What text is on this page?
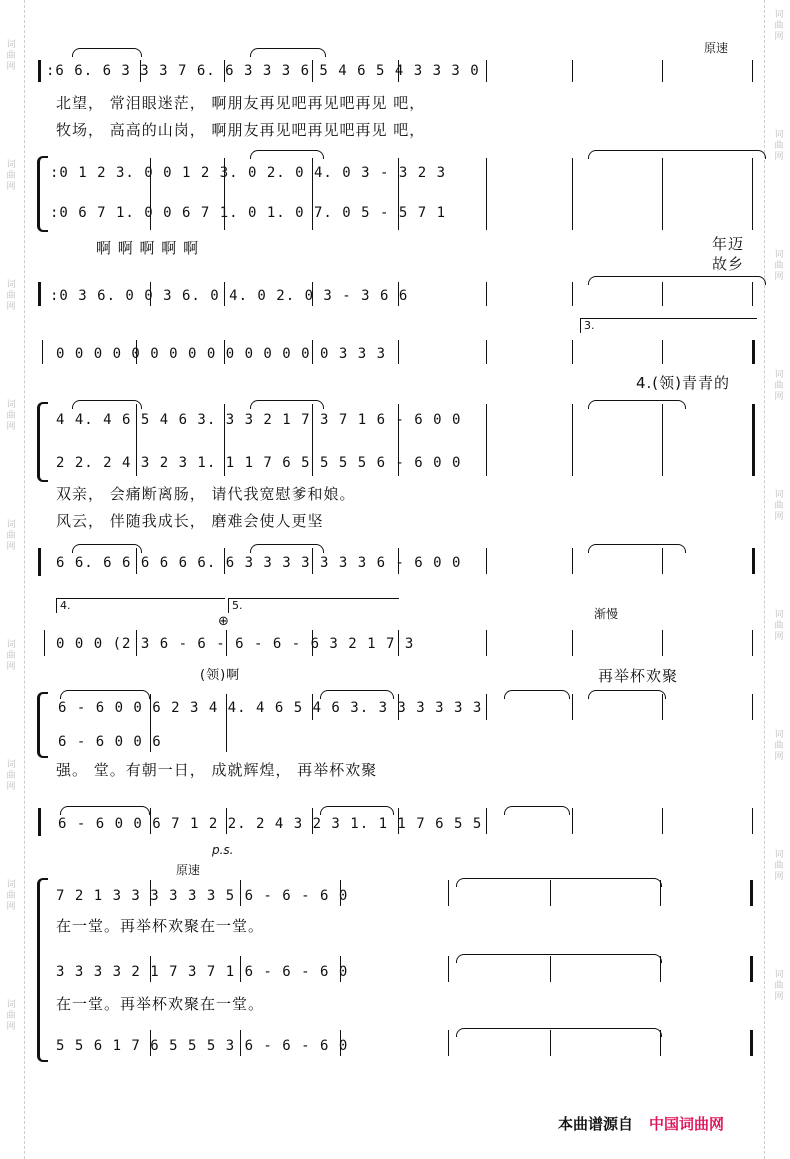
词曲网
词曲网
词曲网
词曲网
词曲网
词曲网
词曲网
词曲网
词曲网
词曲网
词曲网
词曲网
词曲网
词曲网
词曲网
词曲网
词曲网
词曲网
原速
:6 6. 6 3 3 3 7 6. 6 3 3 3 6 5 4 6 5 4 3 3 3 0
北望， 常泪眼迷茫， 啊朋友再见吧再见吧再见 吧，
牧场， 高高的山岗， 啊朋友再见吧再见吧再见 吧，
:0 1 2 3. 0 0 1 2 3. 0 2. 0 4. 0 3 - 3 2 3
:0 6 7 1. 0 0 6 7 1. 0 1. 0 7. 0 5 - 5 7 1
啊 啊 啊 啊 啊	年迈
故乡
:0 3 6. 0 0 3 6. 0 4. 0 2. 0 3 - 3 6 6
3.
0 0 0 0 0 0 0 0 0 0 0 0 0 0 0 3 3 3
4.(领)青青的
4 4. 4 6 5 4 6 3. 3 3 2 1 7 3 7 1 6 - 6 0 0
2 2. 2 4 3 2 3 1. 1 1 7 6 5 5 5 5 6 - 6 0 0
双亲， 会痛断离肠， 请代我宽慰爹和娘。
风云， 伴随我成长， 磨难会使人更坚
6 6. 6 6 6 6 6 6. 6 3 3 3 3 3 3 3 6 - 6 0 0
4.	5.
渐慢
⊕
0 0 0 (2 3 6 - 6 - 6 - 6 - 6 3 2 1 7 3
(领)啊	再举杯欢聚
6 - 6 0 0 6 2 3 4 4. 4 6 5 4 6 3. 3 3 3 3 3 3
6 - 6 0 0 6
强。 堂。有朝一日， 成就辉煌， 再举杯欢聚
6 - 6 0 0 6 7 1 2 2. 2 4 3 2 3 1. 1 1 7 6 5 5
p.s.
原速
7 2 1 3 3 3 3 3 3 5 6 - 6 - 6 0
在一堂。再举杯欢聚在一堂。
3 3 3 3 2 1 7 3 7 1 6 - 6 - 6 0
在一堂。再举杯欢聚在一堂。
5 5 6 1 7 6 5 5 5 3 6 - 6 - 6 0
本曲谱源自 中国词曲网
